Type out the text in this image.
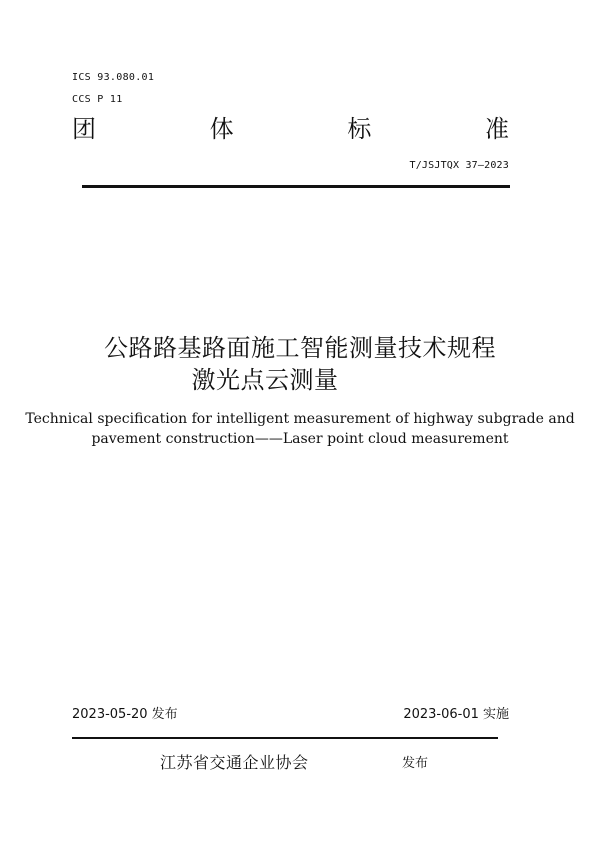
ICS 93.080.01
CCS P 11
团	体	标	准
T/JSJTQX 37—2023
公路路基路面施工智能测量技术规程
激光点云测量
Technical specification for intelligent measurement of highway subgrade and
pavement construction——Laser point cloud measurement
2023-05-20 发布	2023-06-01 实施
江苏省交通企业协会	发布
